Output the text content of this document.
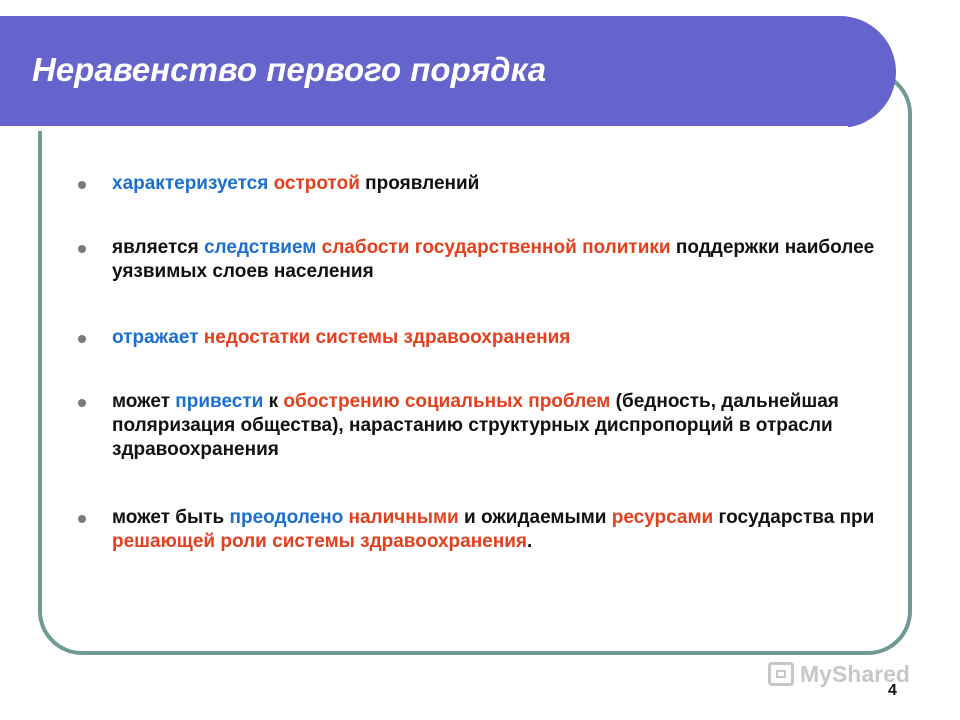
Неравенство первого порядка
характеризуется остротой проявлений
является следствием слабости государственной политики поддержки наиболее уязвимых слоев населения
отражает недостатки системы здравоохранения
может привести к обострению социальных проблем (бедность, дальнейшая поляризация общества), нарастанию структурных диспропорций в отрасли здравоохранения
может быть преодолено наличными и ожидаемыми ресурсами государства при решающей роли системы здравоохранения.
MyShared
4
